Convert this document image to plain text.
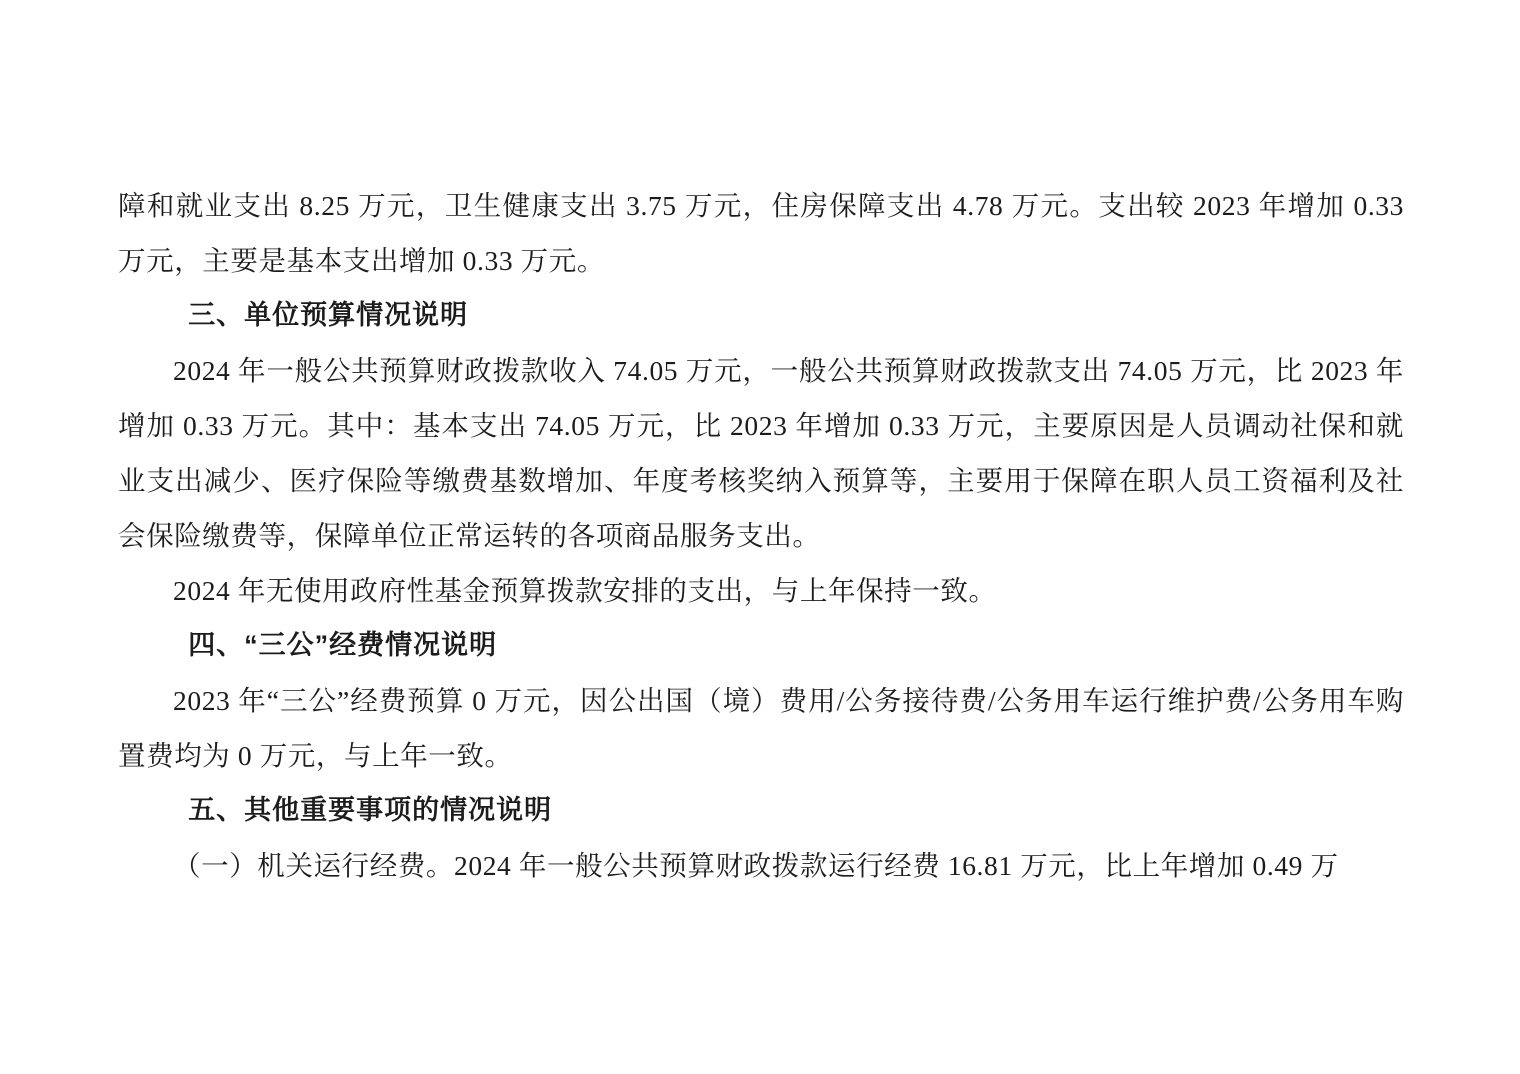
障和就业支出 8.25 万元，卫生健康支出 3.75 万元，住房保障支出 4.78 万元。支出较 2023 年增加 0.33 万元，主要是基本支出增加 0.33 万元。

三、单位预算情况说明

2024 年一般公共预算财政拨款收入 74.05 万元，一般公共预算财政拨款支出 74.05 万元，比 2023 年增加 0.33 万元。其中：基本支出 74.05 万元，比 2023 年增加 0.33 万元，主要原因是人员调动社保和就业支出减少、医疗保险等缴费基数增加、年度考核奖纳入预算等，主要用于保障在职人员工资福利及社会保险缴费等，保障单位正常运转的各项商品服务支出。

2024 年无使用政府性基金预算拨款安排的支出，与上年保持一致。

四、“三公”经费情况说明

2023 年“三公”经费预算 0 万元，因公出国（境）费用/公务接待费/公务用车运行维护费/公务用车购置费均为 0 万元，与上年一致。

五、其他重要事项的情况说明

（一）机关运行经费。2024 年一般公共预算财政拨款运行经费 16.81 万元，比上年增加 0.49 万
